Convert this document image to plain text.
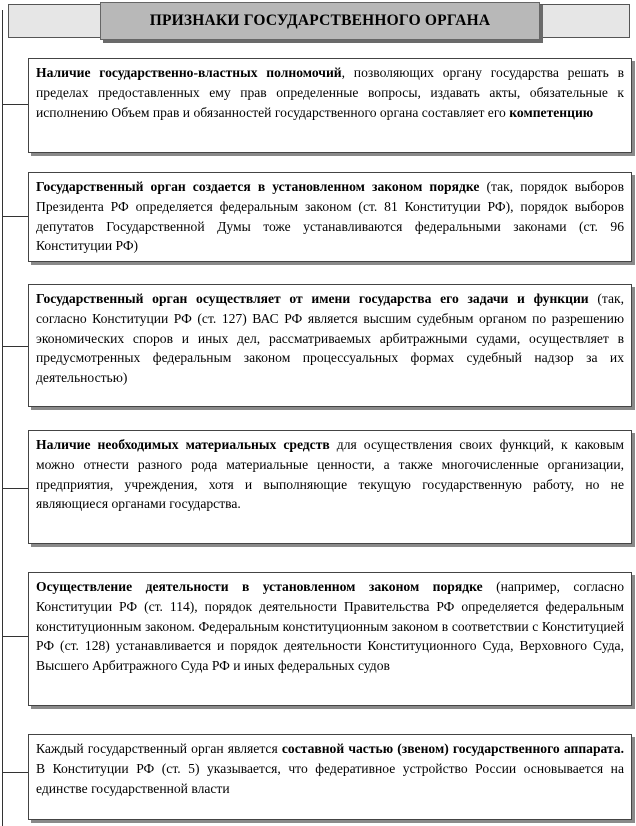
ПРИЗНАКИ ГОСУДАРСТВЕННОГО ОРГАНА
Наличие государственно-властных полномочий, позволяющих органу государства решать в пределах предоставленных ему прав определенные вопросы, издавать акты, обязательные к исполнению Объем прав и обязанностей государственного органа составляет его компетенцию
Государственный орган создается в установленном законом порядке (так, порядок выборов Президента РФ определяется федеральным законом (ст. 81 Конституции РФ), порядок выборов депутатов Государственной Думы тоже устанавливаются федеральными законами (ст. 96 Конституции РФ)
Государственный орган осуществляет от имени государства его задачи и функции (так, согласно Конституции РФ (ст. 127) ВАС РФ является высшим судебным органом по разрешению экономических споров и иных дел, рассматриваемых арбитражными судами, осуществляет в предусмотренных федеральным законом процессуальных формах судебный надзор за их деятельностью)
Наличие необходимых материальных средств для осуществления своих функций, к каковым можно отнести разного рода материальные ценности, а также многочисленные организации, предприятия, учреждения, хотя и выполняющие текущую государственную работу, но не являющиеся органами государства.
Осуществление деятельности в установленном законом порядке (например, согласно Конституции РФ (ст. 114), порядок деятельности Правительства РФ определяется федеральным конституционным законом. Федеральным конституционным законом в соответствии с Конституцией РФ (ст. 128) устанавливается и порядок деятельности Конституционного Суда, Верховного Суда, Высшего Арбитражного Суда РФ и иных федеральных судов
Каждый государственный орган является составной частью (звеном) государственного аппарата. В Конституции РФ (ст. 5) указывается, что федеративное устройство России основывается на единстве государственной власти
